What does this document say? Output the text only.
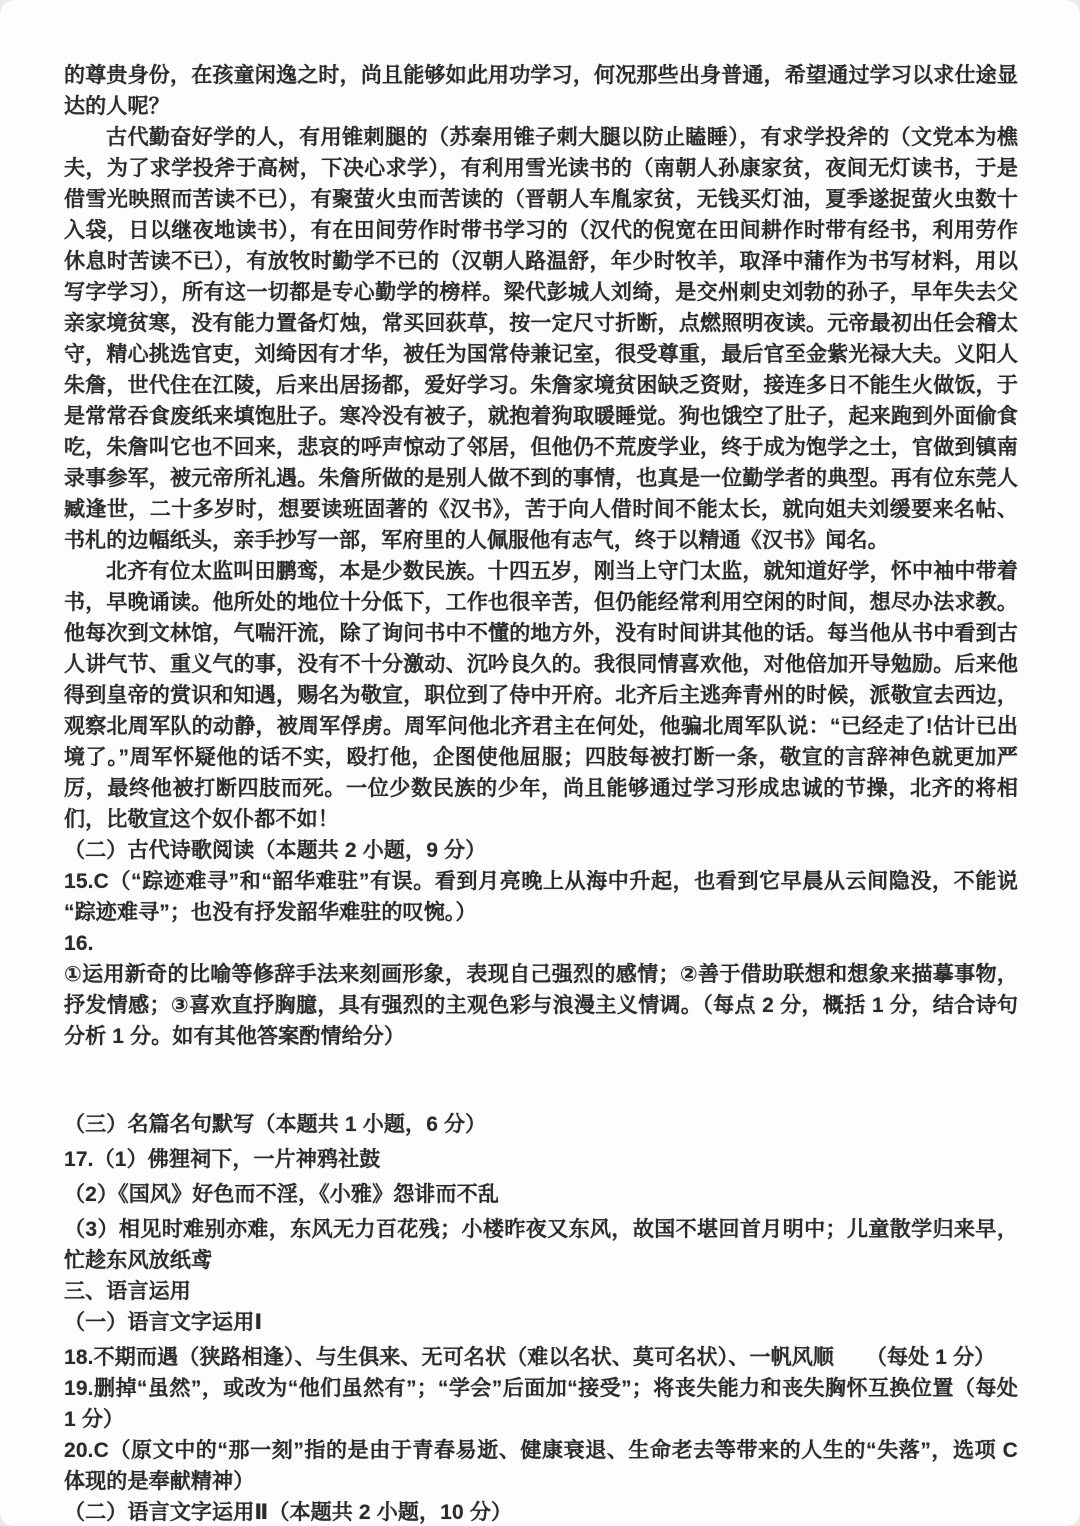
的尊贵身份，在孩童闲逸之时，尚且能够如此用功学习，何况那些出身普通，希望通过学习以求仕途显达的人呢？

古代勤奋好学的人，有用锥刺腿的（苏秦用锥子刺大腿以防止瞌睡），有求学投斧的（文党本为樵夫，为了求学投斧于高树，下决心求学），有利用雪光读书的（南朝人孙康家贫，夜间无灯读书，于是借雪光映照而苦读不已），有聚萤火虫而苦读的（晋朝人车胤家贫，无钱买灯油，夏季遂捉萤火虫数十入袋，日以继夜地读书），有在田间劳作时带书学习的（汉代的倪宽在田间耕作时带有经书，利用劳作休息时苦读不已），有放牧时勤学不已的（汉朝人路温舒，年少时牧羊，取泽中蒲作为书写材料，用以写字学习），所有这一切都是专心勤学的榜样。梁代彭城人刘绮，是交州刺史刘勃的孙子，早年失去父亲家境贫寒，没有能力置备灯烛，常买回荻草，按一定尺寸折断，点燃照明夜读。元帝最初出任会稽太守，精心挑选官吏，刘绮因有才华，被任为国常侍兼记室，很受尊重，最后官至金紫光禄大夫。义阳人朱詹，世代住在江陵，后来出居扬都，爱好学习。朱詹家境贫困缺乏资财，接连多日不能生火做饭，于是常常吞食废纸来填饱肚子。寒冷没有被子，就抱着狗取暖睡觉。狗也饿空了肚子，起来跑到外面偷食吃，朱詹叫它也不回来，悲哀的呼声惊动了邻居，但他仍不荒废学业，终于成为饱学之士，官做到镇南录事参军，被元帝所礼遇。朱詹所做的是别人做不到的事情，也真是一位勤学者的典型。再有位东莞人臧逢世，二十多岁时，想要读班固著的《汉书》，苦于向人借时间不能太长，就向姐夫刘缓要来名帖、书札的边幅纸头，亲手抄写一部，军府里的人佩服他有志气，终于以精通《汉书》闻名。

北齐有位太监叫田鹏鸾，本是少数民族。十四五岁，刚当上守门太监，就知道好学，怀中袖中带着书，早晚诵读。他所处的地位十分低下，工作也很辛苦，但仍能经常利用空闲的时间，想尽办法求教。他每次到文林馆，气喘汗流，除了询问书中不懂的地方外，没有时间讲其他的话。每当他从书中看到古人讲气节、重义气的事，没有不十分激动、沉吟良久的。我很同情喜欢他，对他倍加开导勉励。后来他得到皇帝的赏识和知遇，赐名为敬宣，职位到了侍中开府。北齐后主逃奔青州的时候，派敬宣去西边，观察北周军队的动静，被周军俘虏。周军问他北齐君主在何处，他骗北周军队说：“已经走了!估计已出境了。”周军怀疑他的话不实，殴打他，企图使他屈服；四肢每被打断一条，敬宣的言辞神色就更加严厉，最终他被打断四肢而死。一位少数民族的少年，尚且能够通过学习形成忠诚的节操，北齐的将相们，比敬宣这个奴仆都不如！

（二）古代诗歌阅读（本题共 2 小题，9 分）

15.C（“踪迹难寻”和“韶华难驻”有误。看到月亮晚上从海中升起，也看到它早晨从云间隐没，不能说“踪迹难寻”；也没有抒发韶华难驻的叹惋。）

16.

①运用新奇的比喻等修辞手法来刻画形象，表现自己强烈的感情；②善于借助联想和想象来描摹事物，抒发情感；③喜欢直抒胸臆，具有强烈的主观色彩与浪漫主义情调。（每点 2 分，概括 1 分，结合诗句分析 1 分。如有其他答案酌情给分）

（三）名篇名句默写（本题共 1 小题，6 分）

17.（1）佛狸祠下，一片神鸦社鼓

（2）《国风》好色而不淫，《小雅》怨诽而不乱

（3）相见时难别亦难，东风无力百花残；小楼昨夜又东风，故国不堪回首月明中；儿童散学归来早，忙趁东风放纸鸢

三、语言运用

（一）语言文字运用Ⅰ

18.不期而遇（狭路相逢）、与生俱来、无可名状（难以名状、莫可名状）、一帆风顺　　（每处 1 分）

19.删掉“虽然”，或改为“他们虽然有”；“学会”后面加“接受”；将丧失能力和丧失胸怀互换位置（每处 1 分）

20.C（原文中的“那一刻”指的是由于青春易逝、健康衰退、生命老去等带来的人生的“失落”，选项 C 体现的是奉献精神）

（二）语言文字运用Ⅱ（本题共 2 小题，10 分）
